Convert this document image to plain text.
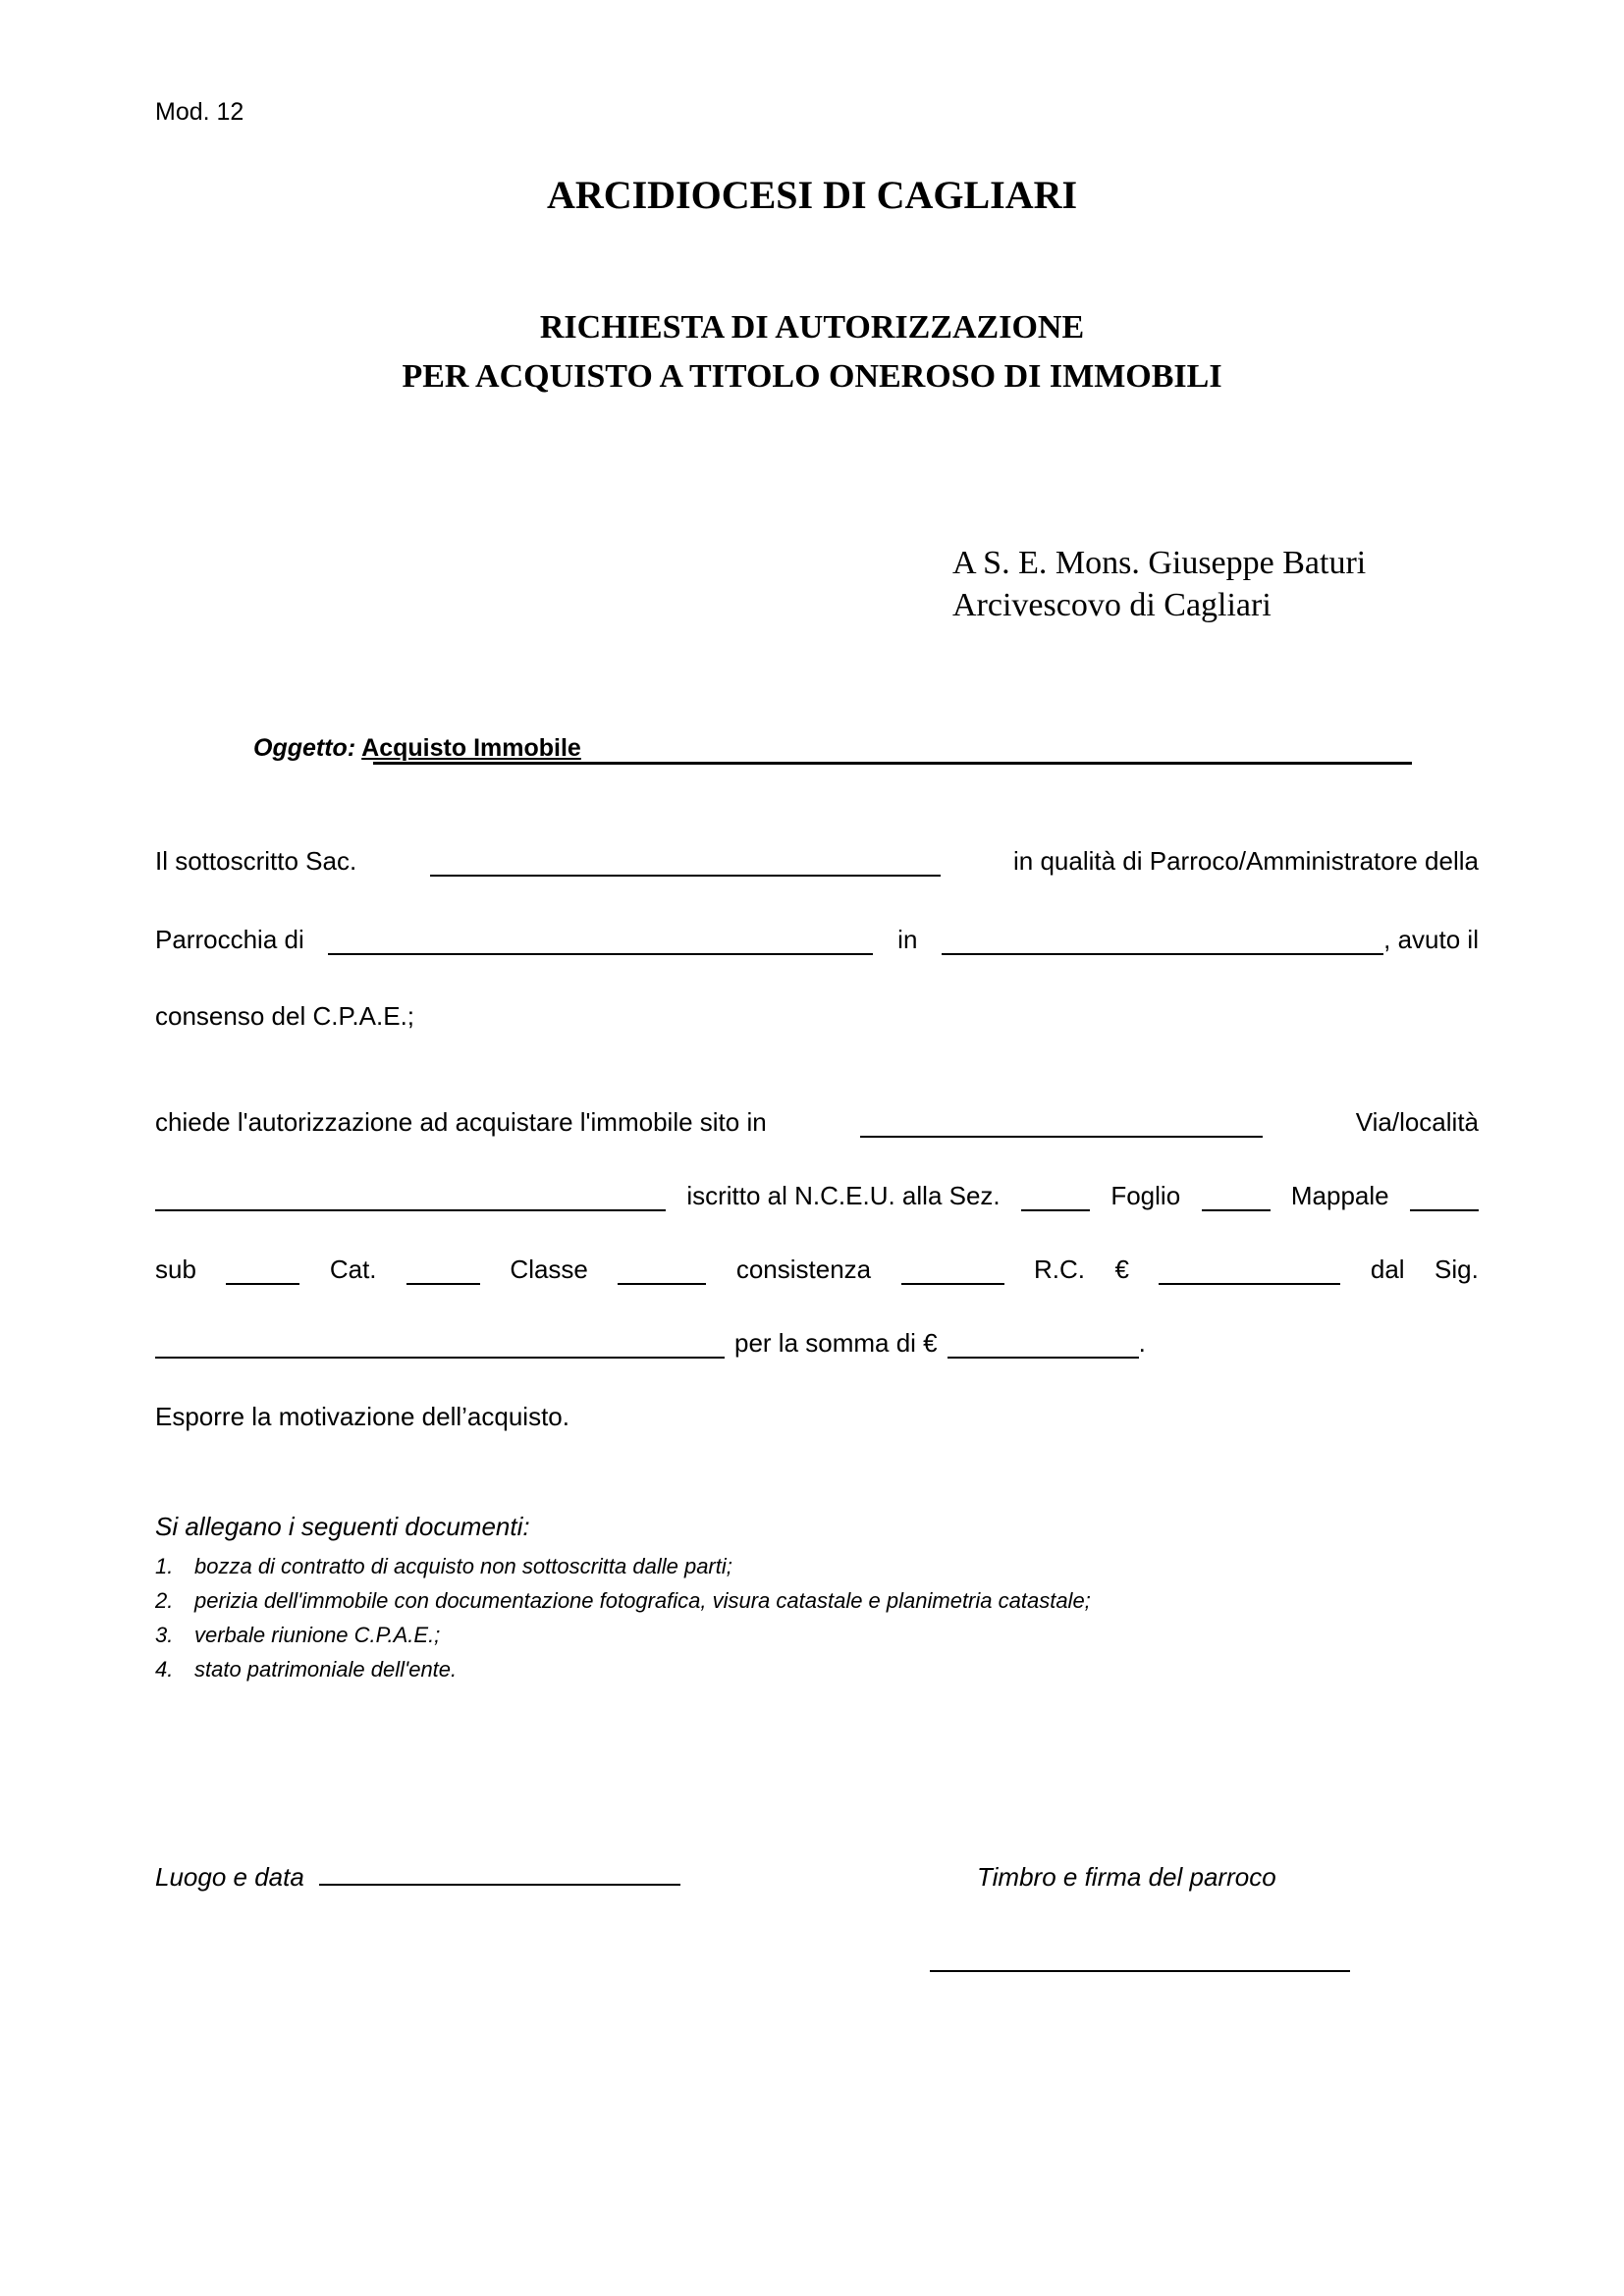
Mod. 12
ARCIDIOCESI DI CAGLIARI
RICHIESTA DI AUTORIZZAZIONE
PER ACQUISTO A TITOLO ONEROSO DI IMMOBILI
A S. E. Mons. Giuseppe Baturi
Arcivescovo di Cagliari
Oggetto: Acquisto Immobile
Il sottoscritto Sac.	in qualità di Parroco/Amministratore della
Parrocchia di	in	, avuto il
consenso del C.P.A.E.;
chiede l'autorizzazione ad acquistare l'immobile sito in	Via/località
iscritto al N.C.E.U. alla Sez.	Foglio	Mappale
sub	Cat.	Classe	consistenza	R.C. €	dal Sig.
per la somma di €	.
Esporre la motivazione dell’acquisto.
Si allegano i seguenti documenti:
1. bozza di contratto di acquisto non sottoscritta dalle parti;
2. perizia dell'immobile con documentazione fotografica, visura catastale e planimetria catastale;
3. verbale riunione C.P.A.E.;
4. stato patrimoniale dell'ente.
Luogo e data	Timbro e firma del parroco
